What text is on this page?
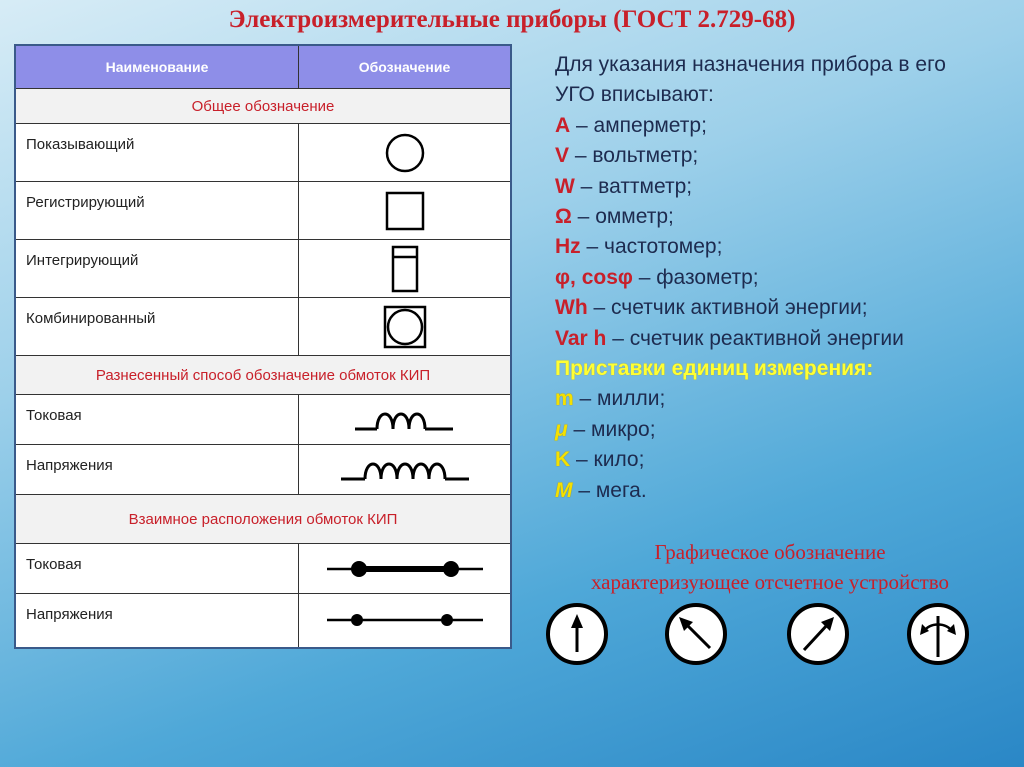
Электроизмерительные приборы (ГОСТ 2.729-68)
Наименование	Обозначение
Общее обозначение	
Показывающий	

Регистрирующий	

Интегрирующий	

Комбинированный	

Разнесенный способ обозначение обмоток КИП	
Токовая	

Напряжения	

Взаимное расположения обмоток КИП	
Токовая	

Напряжения	
Для указания назначения прибора в его
УГО вписывают:
A – амперметр;
V – вольтметр;
W – ваттметр;
Ω – омметр;
Hz – частотомер;
φ, cosφ – фазометр;
Wh – счетчик активной энергии;
Var h – счетчик реактивной энергии
Приставки единиц измерения:
m – милли;
μ – микро;
K – кило;
M – мега.
Графическое обозначение
характеризующее отсчетное устройство
